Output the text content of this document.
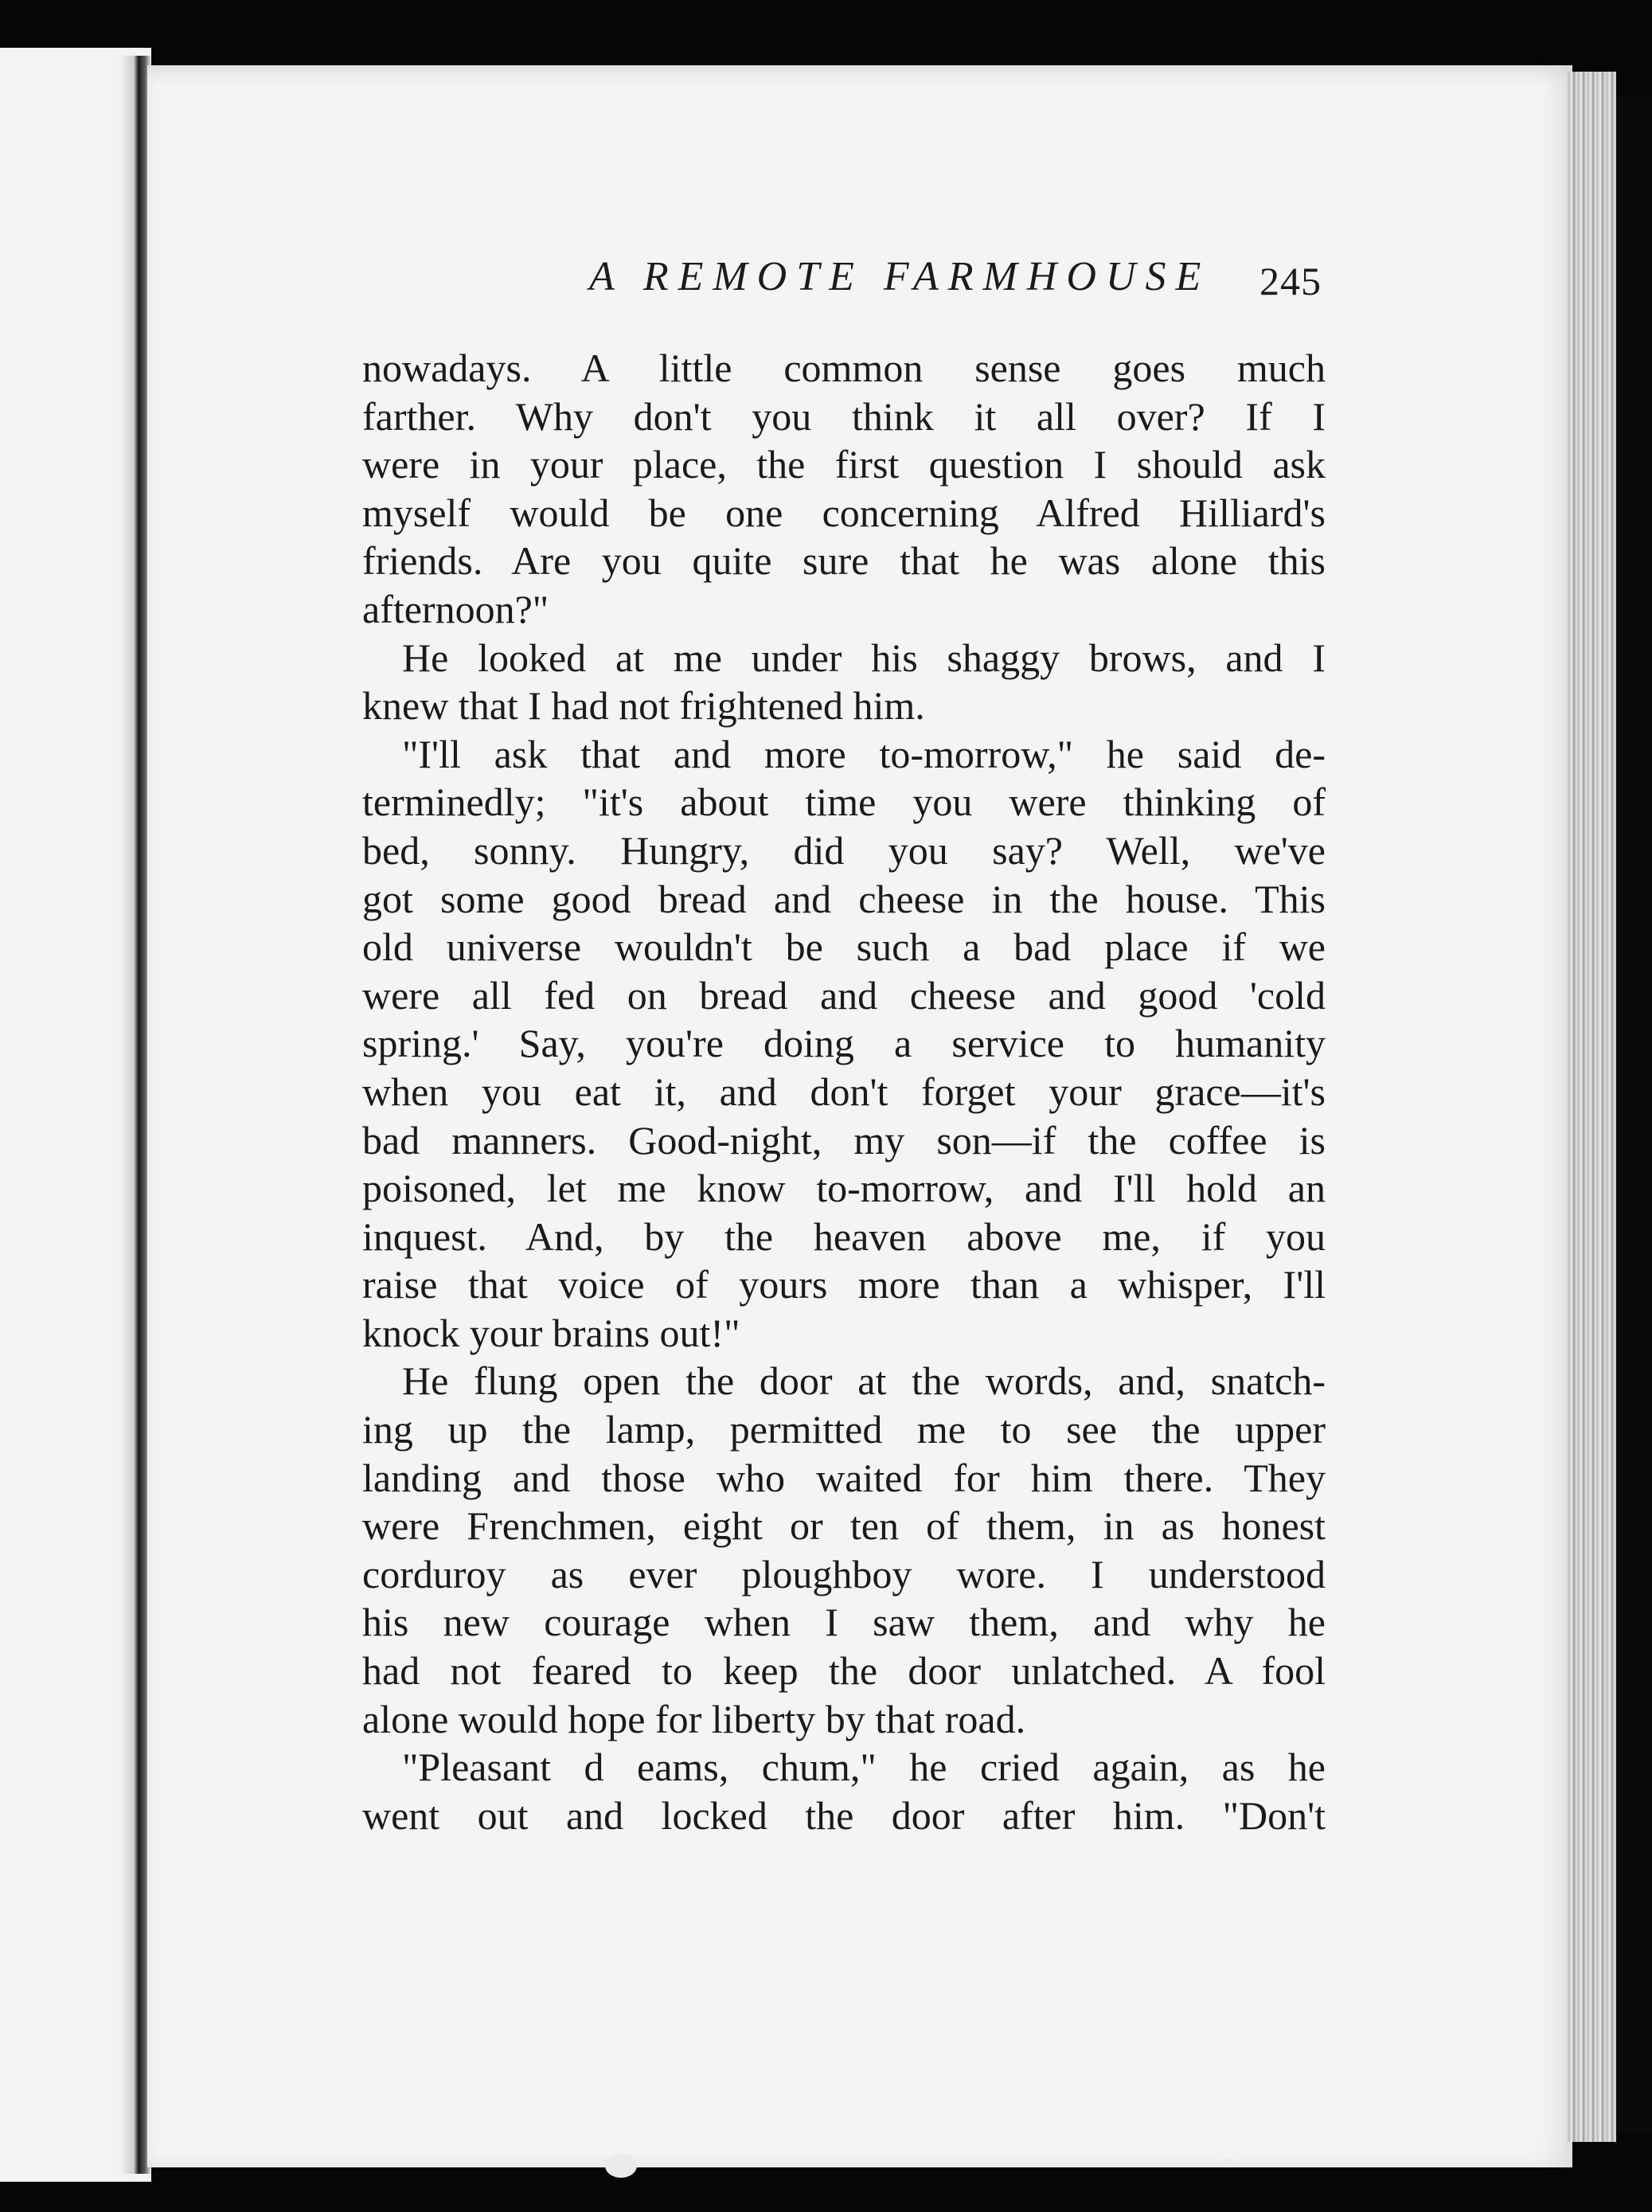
A REMOTE FARMHOUSE 245
nowadays. A little common sense goes much
farther. Why don't you think it all over? If I
were in your place, the first question I should ask
myself would be one concerning Alfred Hilliard's
friends. Are you quite sure that he was alone this
afternoon?"
He looked at me under his shaggy brows, and I
knew that I had not frightened him.
"I'll ask that and more to-morrow," he said de-
terminedly; "it's about time you were thinking of
bed, sonny. Hungry, did you say? Well, we've
got some good bread and cheese in the house. This
old universe wouldn't be such a bad place if we
were all fed on bread and cheese and good 'cold
spring.' Say, you're doing a service to humanity
when you eat it, and don't forget your grace—it's
bad manners. Good-night, my son—if the coffee is
poisoned, let me know to-morrow, and I'll hold an
inquest. And, by the heaven above me, if you
raise that voice of yours more than a whisper, I'll
knock your brains out!"
He flung open the door at the words, and, snatch-
ing up the lamp, permitted me to see the upper
landing and those who waited for him there. They
were Frenchmen, eight or ten of them, in as honest
corduroy as ever ploughboy wore. I understood
his new courage when I saw them, and why he
had not feared to keep the door unlatched. A fool
alone would hope for liberty by that road.
"Pleasant d eams, chum," he cried again, as he
went out and locked the door after him. "Don't
